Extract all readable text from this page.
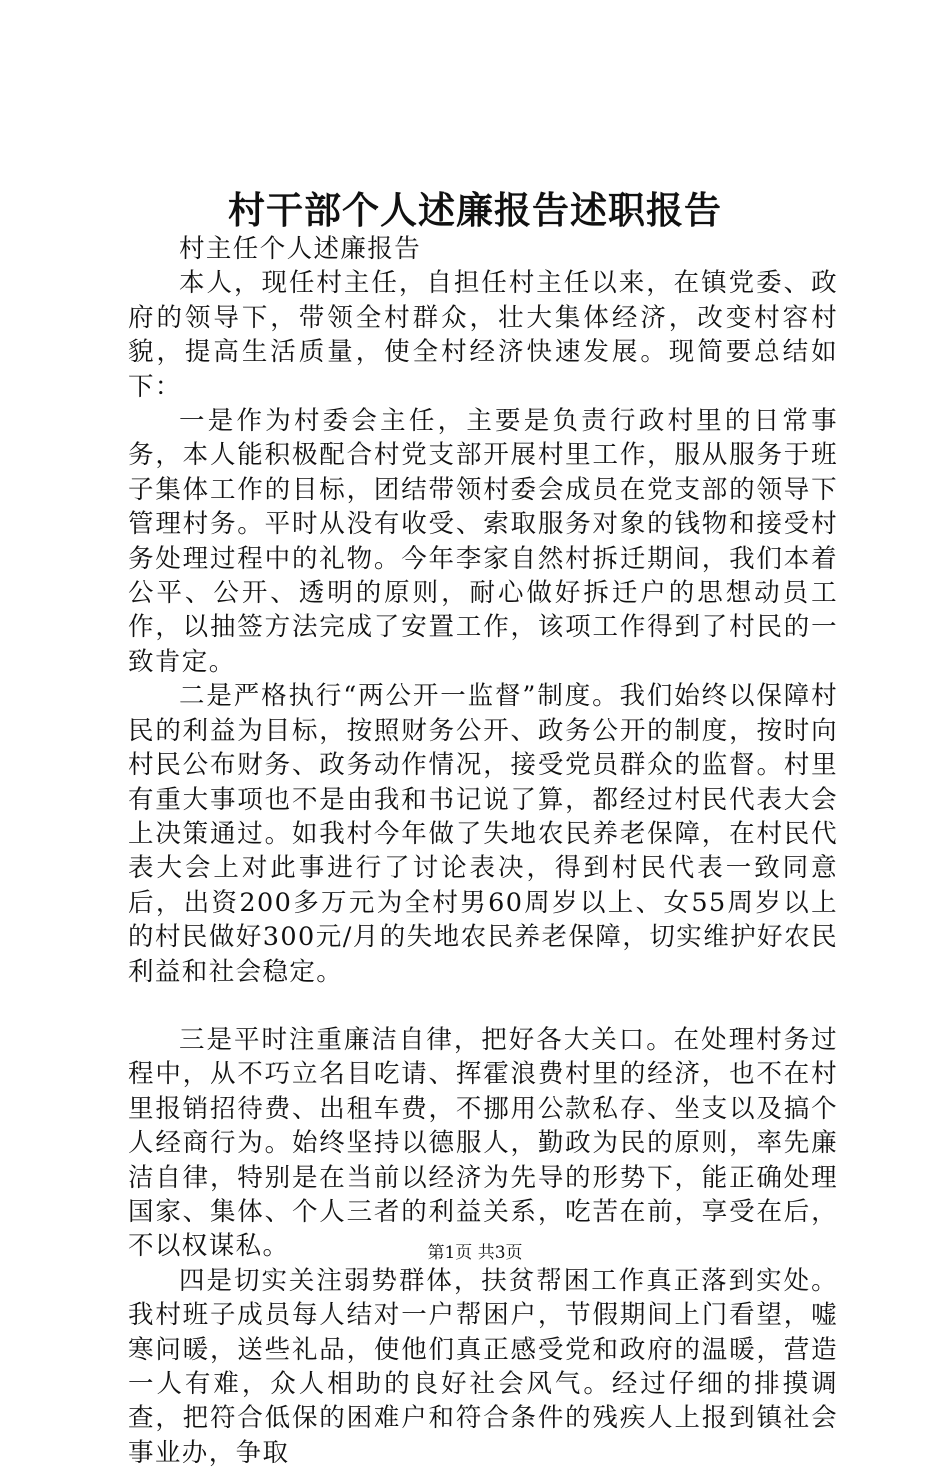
村干部个人述廉报告述职报告

村主任个人述廉报告

本人，现任村主任，自担任村主任以来，在镇党委、政府的领导下，带领全村群众，壮大集体经济，改变村容村貌，提高生活质量，使全村经济快速发展。现简要总结如下：

一是作为村委会主任，主要是负责行政村里的日常事务，本人能积极配合村党支部开展村里工作，服从服务于班子集体工作的目标，团结带领村委会成员在党支部的领导下管理村务。平时从没有收受、索取服务对象的钱物和接受村务处理过程中的礼物。今年李家自然村拆迁期间，我们本着公平、公开、透明的原则，耐心做好拆迁户的思想动员工作，以抽签方法完成了安置工作，该项工作得到了村民的一致肯定。

二是严格执行“两公开一监督”制度。我们始终以保障村民的利益为目标，按照财务公开、政务公开的制度，按时向村民公布财务、政务动作情况，接受党员群众的监督。村里有重大事项也不是由我和书记说了算，都经过村民代表大会上决策通过。如我村今年做了失地农民养老保障，在村民代表大会上对此事进行了讨论表决，得到村民代表一致同意后，出资200多万元为全村男60周岁以上、女55周岁以上的村民做好300元/月的失地农民养老保障，切实维护好农民利益和社会稳定。

三是平时注重廉洁自律，把好各大关口。在处理村务过程中，从不巧立名目吃请、挥霍浪费村里的经济，也不在村里报销招待费、出租车费，不挪用公款私存、坐支以及搞个人经商行为。始终坚持以德服人，勤政为民的原则，率先廉洁自律，特别是在当前以经济为先导的形势下，能正确处理国家、集体、个人三者的利益关系，吃苦在前，享受在后，不以权谋私。

四是切实关注弱势群体，扶贫帮困工作真正落到实处。我村班子成员每人结对一户帮困户，节假期间上门看望，嘘寒问暖，送些礼品，使他们真正感受党和政府的温暖，营造一人有难，众人相助的良好社会风气。经过仔细的排摸调查，把符合低保的困难户和符合条件的残疾人上报到镇社会事业办，争取

第1页 共3页
